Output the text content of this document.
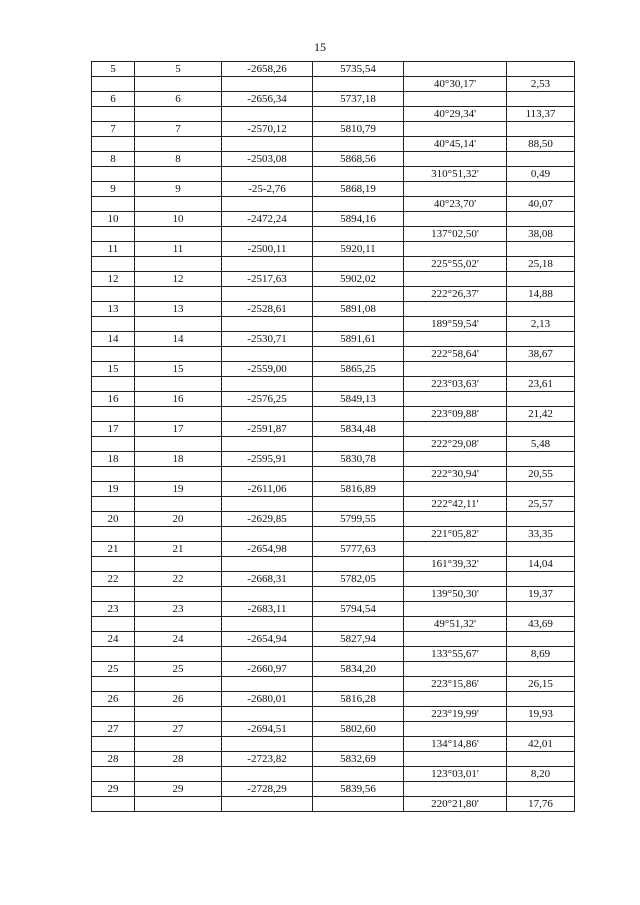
15
5	5	-2658,26	5735,54		
				40°30,17'	2,53
6	6	-2656,34	5737,18		
				40°29,34'	113,37
7	7	-2570,12	5810,79		
				40°45,14'	88,50
8	8	-2503,08	5868,56		
				310°51,32'	0,49
9	9	-25-2,76	5868,19		
				40°23,70'	40,07
10	10	-2472,24	5894,16		
				137°02,50'	38,08
11	11	-2500,11	5920,11		
				225°55,02'	25,18
12	12	-2517,63	5902,02		
				222°26,37'	14,88
13	13	-2528,61	5891,08		
				189°59,54'	2,13
14	14	-2530,71	5891,61		
				222°58,64'	38,67
15	15	-2559,00	5865,25		
				223°03,63'	23,61
16	16	-2576,25	5849,13		
				223°09,88'	21,42
17	17	-2591,87	5834,48		
				222°29,08'	5,48
18	18	-2595,91	5830,78		
				222°30,94'	20,55
19	19	-2611,06	5816,89		
				222°42,11'	25,57
20	20	-2629,85	5799,55		
				221°05,82'	33,35
21	21	-2654,98	5777,63		
				161°39,32'	14,04
22	22	-2668,31	5782,05		
				139°50,30'	19,37
23	23	-2683,11	5794,54		
				49°51,32'	43,69
24	24	-2654,94	5827,94		
				133°55,67'	8,69
25	25	-2660,97	5834,20		
				223°15,86'	26,15
26	26	-2680,01	5816,28		
				223°19,99'	19,93
27	27	-2694,51	5802,60		
				134°14,86'	42,01
28	28	-2723,82	5832,69		
				123°03,01'	8,20
29	29	-2728,29	5839,56		
				220°21,80'	17,76
